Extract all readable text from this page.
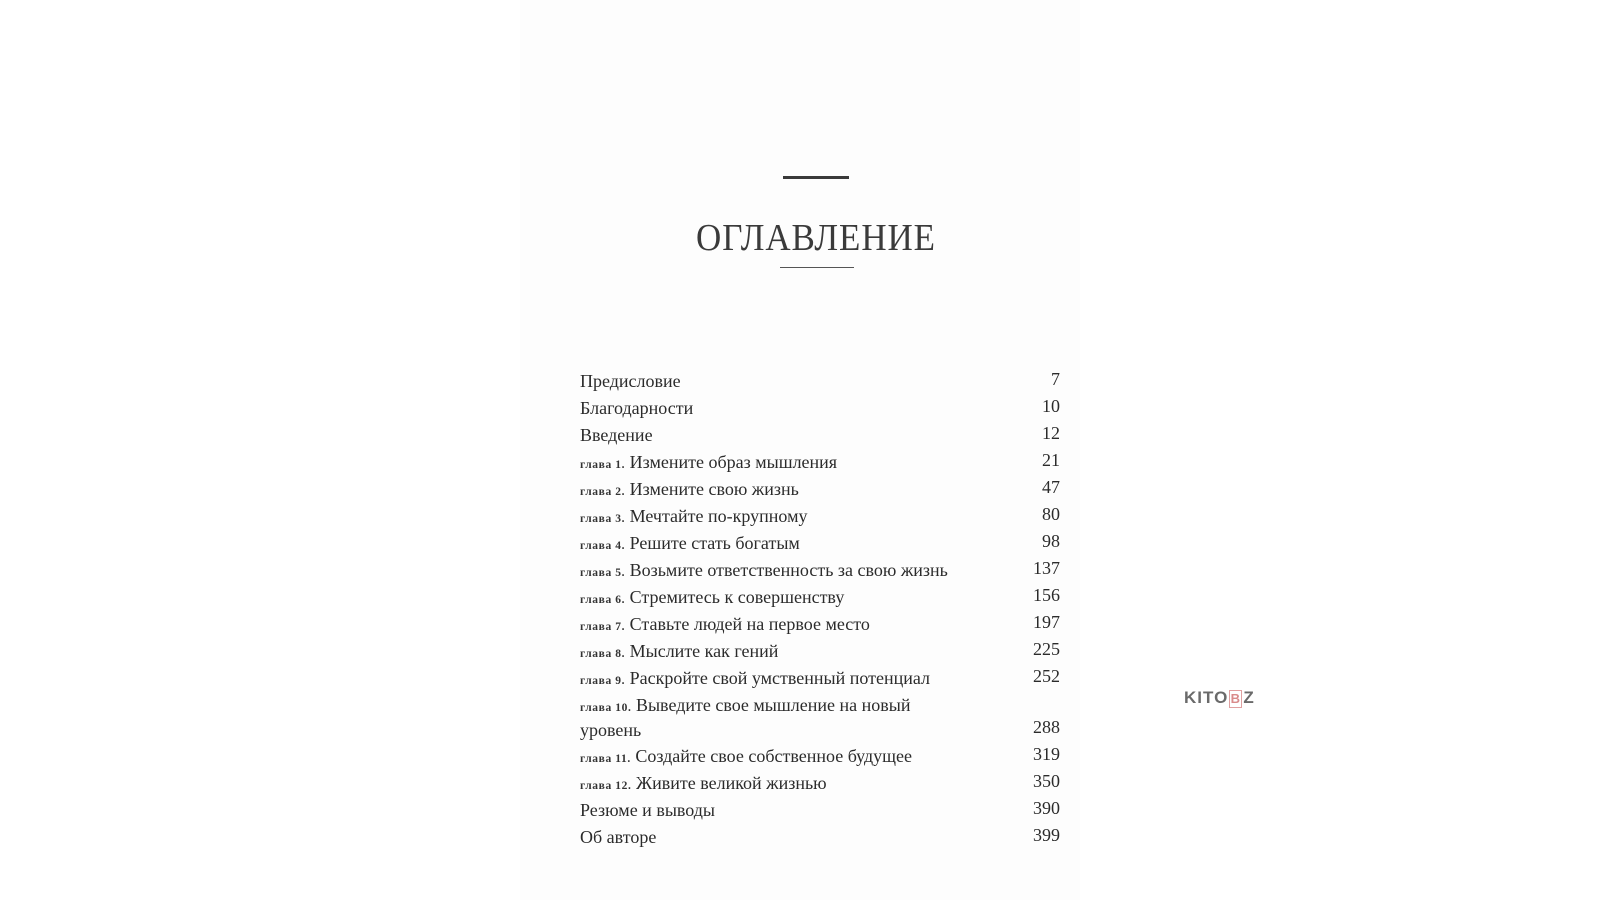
ОГЛАВЛЕНИЕ
Предисловие	7
Благодарности	10
Введение	12
глава 1. Измените образ мышления	21
глава 2. Измените свою жизнь	47
глава 3. Мечтайте по-крупному	80
глава 4. Решите стать богатым	98
глава 5. Возьмите ответственность за свою жизнь	137
глава 6. Стремитесь к совершенству	156
глава 7. Ставьте людей на первое место	197
глава 8. Мыслите как гений	225
глава 9. Раскройте свой умственный потенциал	252
глава 10. Выведите свое мышление на новый уровень	288
глава 11. Создайте свое собственное будущее	319
глава 12. Живите великой жизнью	350
Резюме и выводы	390
Об авторе	399
KITO B Z
